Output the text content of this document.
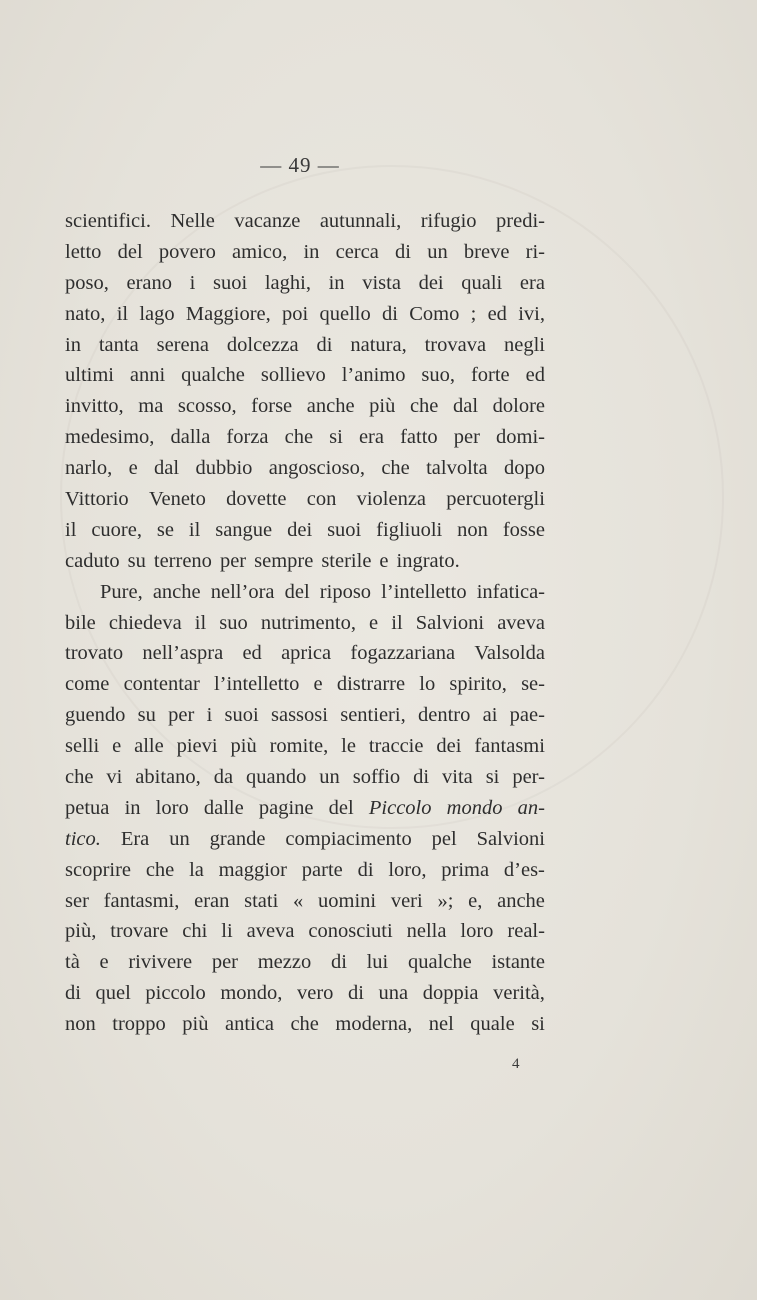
— 49 —
scientifici. Nelle vacanze autunnali, rifugio predi-
letto del povero amico, in cerca di un breve ri-
poso, erano i suoi laghi, in vista dei quali era
nato, il lago Maggiore, poi quello di Como ; ed ivi,
in tanta serena dolcezza di natura, trovava negli
ultimi anni qualche sollievo l’animo suo, forte ed
invitto, ma scosso, forse anche più che dal dolore
medesimo, dalla forza che si era fatto per domi-
narlo, e dal dubbio angoscioso, che talvolta dopo
Vittorio Veneto dovette con violenza percuotergli
il cuore, se il sangue dei suoi figliuoli non fosse
caduto su terreno per sempre sterile e ingrato.
Pure, anche nell’ora del riposo l’intelletto infatica-
bile chiedeva il suo nutrimento, e il Salvioni aveva
trovato nell’aspra ed aprica fogazzariana Valsolda
come contentar l’intelletto e distrarre lo spirito, se-
guendo su per i suoi sassosi sentieri, dentro ai pae-
selli e alle pievi più romite, le traccie dei fantasmi
che vi abitano, da quando un soffio di vita si per-
petua in loro dalle pagine del Piccolo mondo an-
tico. Era un grande compiacimento pel Salvioni
scoprire che la maggior parte di loro, prima d’es-
ser fantasmi, eran stati « uomini veri »; e, anche
più, trovare chi li aveva conosciuti nella loro real-
tà e rivivere per mezzo di lui qualche istante
di quel piccolo mondo, vero di una doppia verità,
non troppo più antica che moderna, nel quale si
4
